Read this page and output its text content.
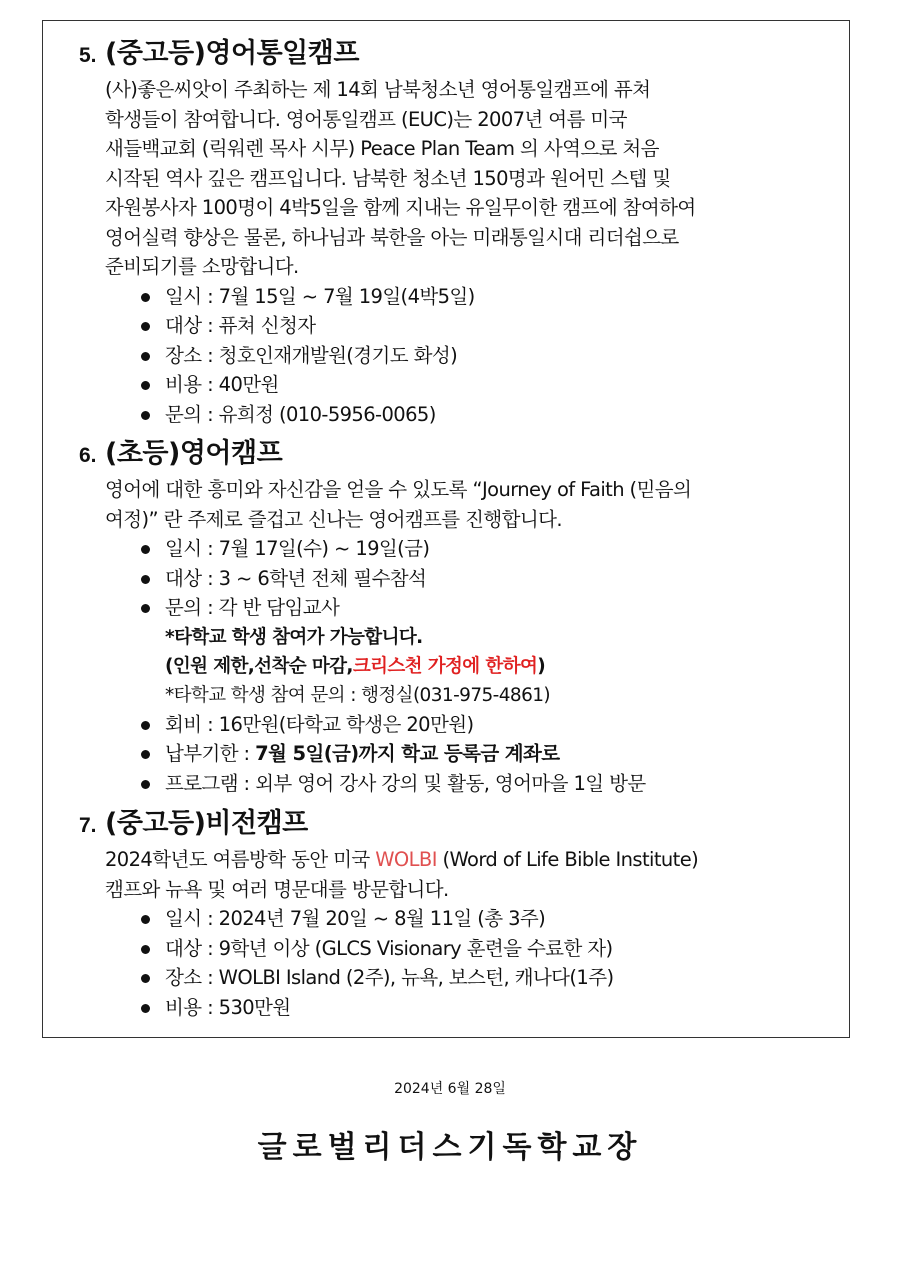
5. (중고등)영어통일캠프
(사)좋은씨앗이 주최하는 제 14회 남북청소년 영어통일캠프에 퓨쳐
학생들이 참여합니다. 영어통일캠프 (EUC)는 2007년 여름 미국
새들백교회 (릭워렌 목사 시무) Peace Plan Team 의 사역으로 처음
시작된 역사 깊은 캠프입니다. 남북한 청소년 150명과 원어민 스텝 및
자원봉사자 100명이 4박5일을 함께 지내는 유일무이한 캠프에 참여하여
영어실력 향상은 물론, 하나님과 북한을 아는 미래통일시대 리더쉽으로
준비되기를 소망합니다.
일시 : 7월 15일 ~ 7월 19일(4박5일)
대상 : 퓨쳐 신청자
장소 : 청호인재개발원(경기도 화성)
비용 : 40만원
문의 : 유희정 (010-5956-0065)
6. (초등)영어캠프
영어에 대한 흥미와 자신감을 얻을 수 있도록 “Journey of Faith (믿음의
여정)” 란 주제로 즐겁고 신나는 영어캠프를 진행합니다.
일시 : 7월 17일(수) ~ 19일(금)
대상 : 3 ~ 6학년 전체 필수참석
문의 : 각 반 담임교사
*타학교 학생 참여가 가능합니다.
(인원 제한,선착순 마감,크리스천 가정에 한하여)
*타학교 학생 참여 문의 : 행정실(031-975-4861)
회비 : 16만원(타학교 학생은 20만원)
납부기한 : 7월 5일(금)까지 학교 등록금 계좌로
프로그램 : 외부 영어 강사 강의 및 활동, 영어마을 1일 방문
7. (중고등)비전캠프
2024학년도 여름방학 동안 미국 WOLBI (Word of Life Bible Institute)
캠프와 뉴욕 및 여러 명문대를 방문합니다.
일시 : 2024년 7월 20일 ~ 8월 11일 (총 3주)
대상 : 9학년 이상 (GLCS Visionary 훈련을 수료한 자)
장소 : WOLBI Island (2주), 뉴욕, 보스턴, 캐나다(1주)
비용 : 530만원
2024년 6월 28일
글로벌리더스기독학교장
